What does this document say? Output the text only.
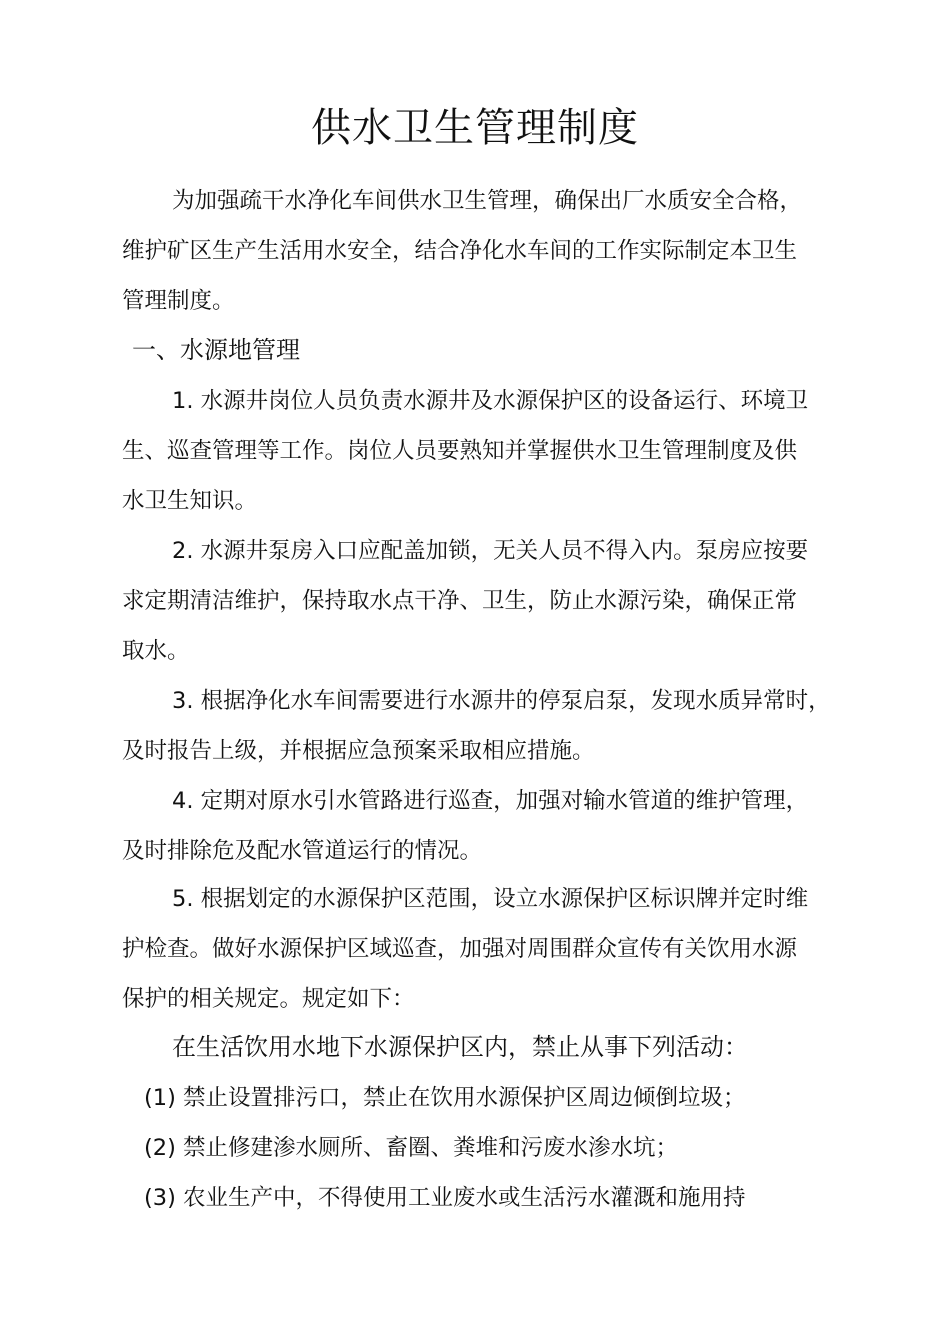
供水卫生管理制度
为加强疏干水净化车间供水卫生管理，确保出厂水质安全合格，
维护矿区生产生活用水安全，结合净化水车间的工作实际制定本卫生
管理制度。
一、水源地管理
1. 水源井岗位人员负责水源井及水源保护区的设备运行、环境卫
生、巡查管理等工作。岗位人员要熟知并掌握供水卫生管理制度及供
水卫生知识。
2. 水源井泵房入口应配盖加锁，无关人员不得入内。泵房应按要
求定期清洁维护，保持取水点干净、卫生，防止水源污染，确保正常
取水。
3. 根据净化水车间需要进行水源井的停泵启泵，发现水质异常时，
及时报告上级，并根据应急预案采取相应措施。
4. 定期对原水引水管路进行巡查，加强对输水管道的维护管理，
及时排除危及配水管道运行的情况。
5. 根据划定的水源保护区范围，设立水源保护区标识牌并定时维
护检查。做好水源保护区域巡查，加强对周围群众宣传有关饮用水源
保护的相关规定。规定如下：
在生活饮用水地下水源保护区内，禁止从事下列活动：
(1) 禁止设置排污口，禁止在饮用水源保护区周边倾倒垃圾；
(2) 禁止修建渗水厕所、畜圈、粪堆和污废水渗水坑；
(3) 农业生产中，不得使用工业废水或生活污水灌溉和施用持
